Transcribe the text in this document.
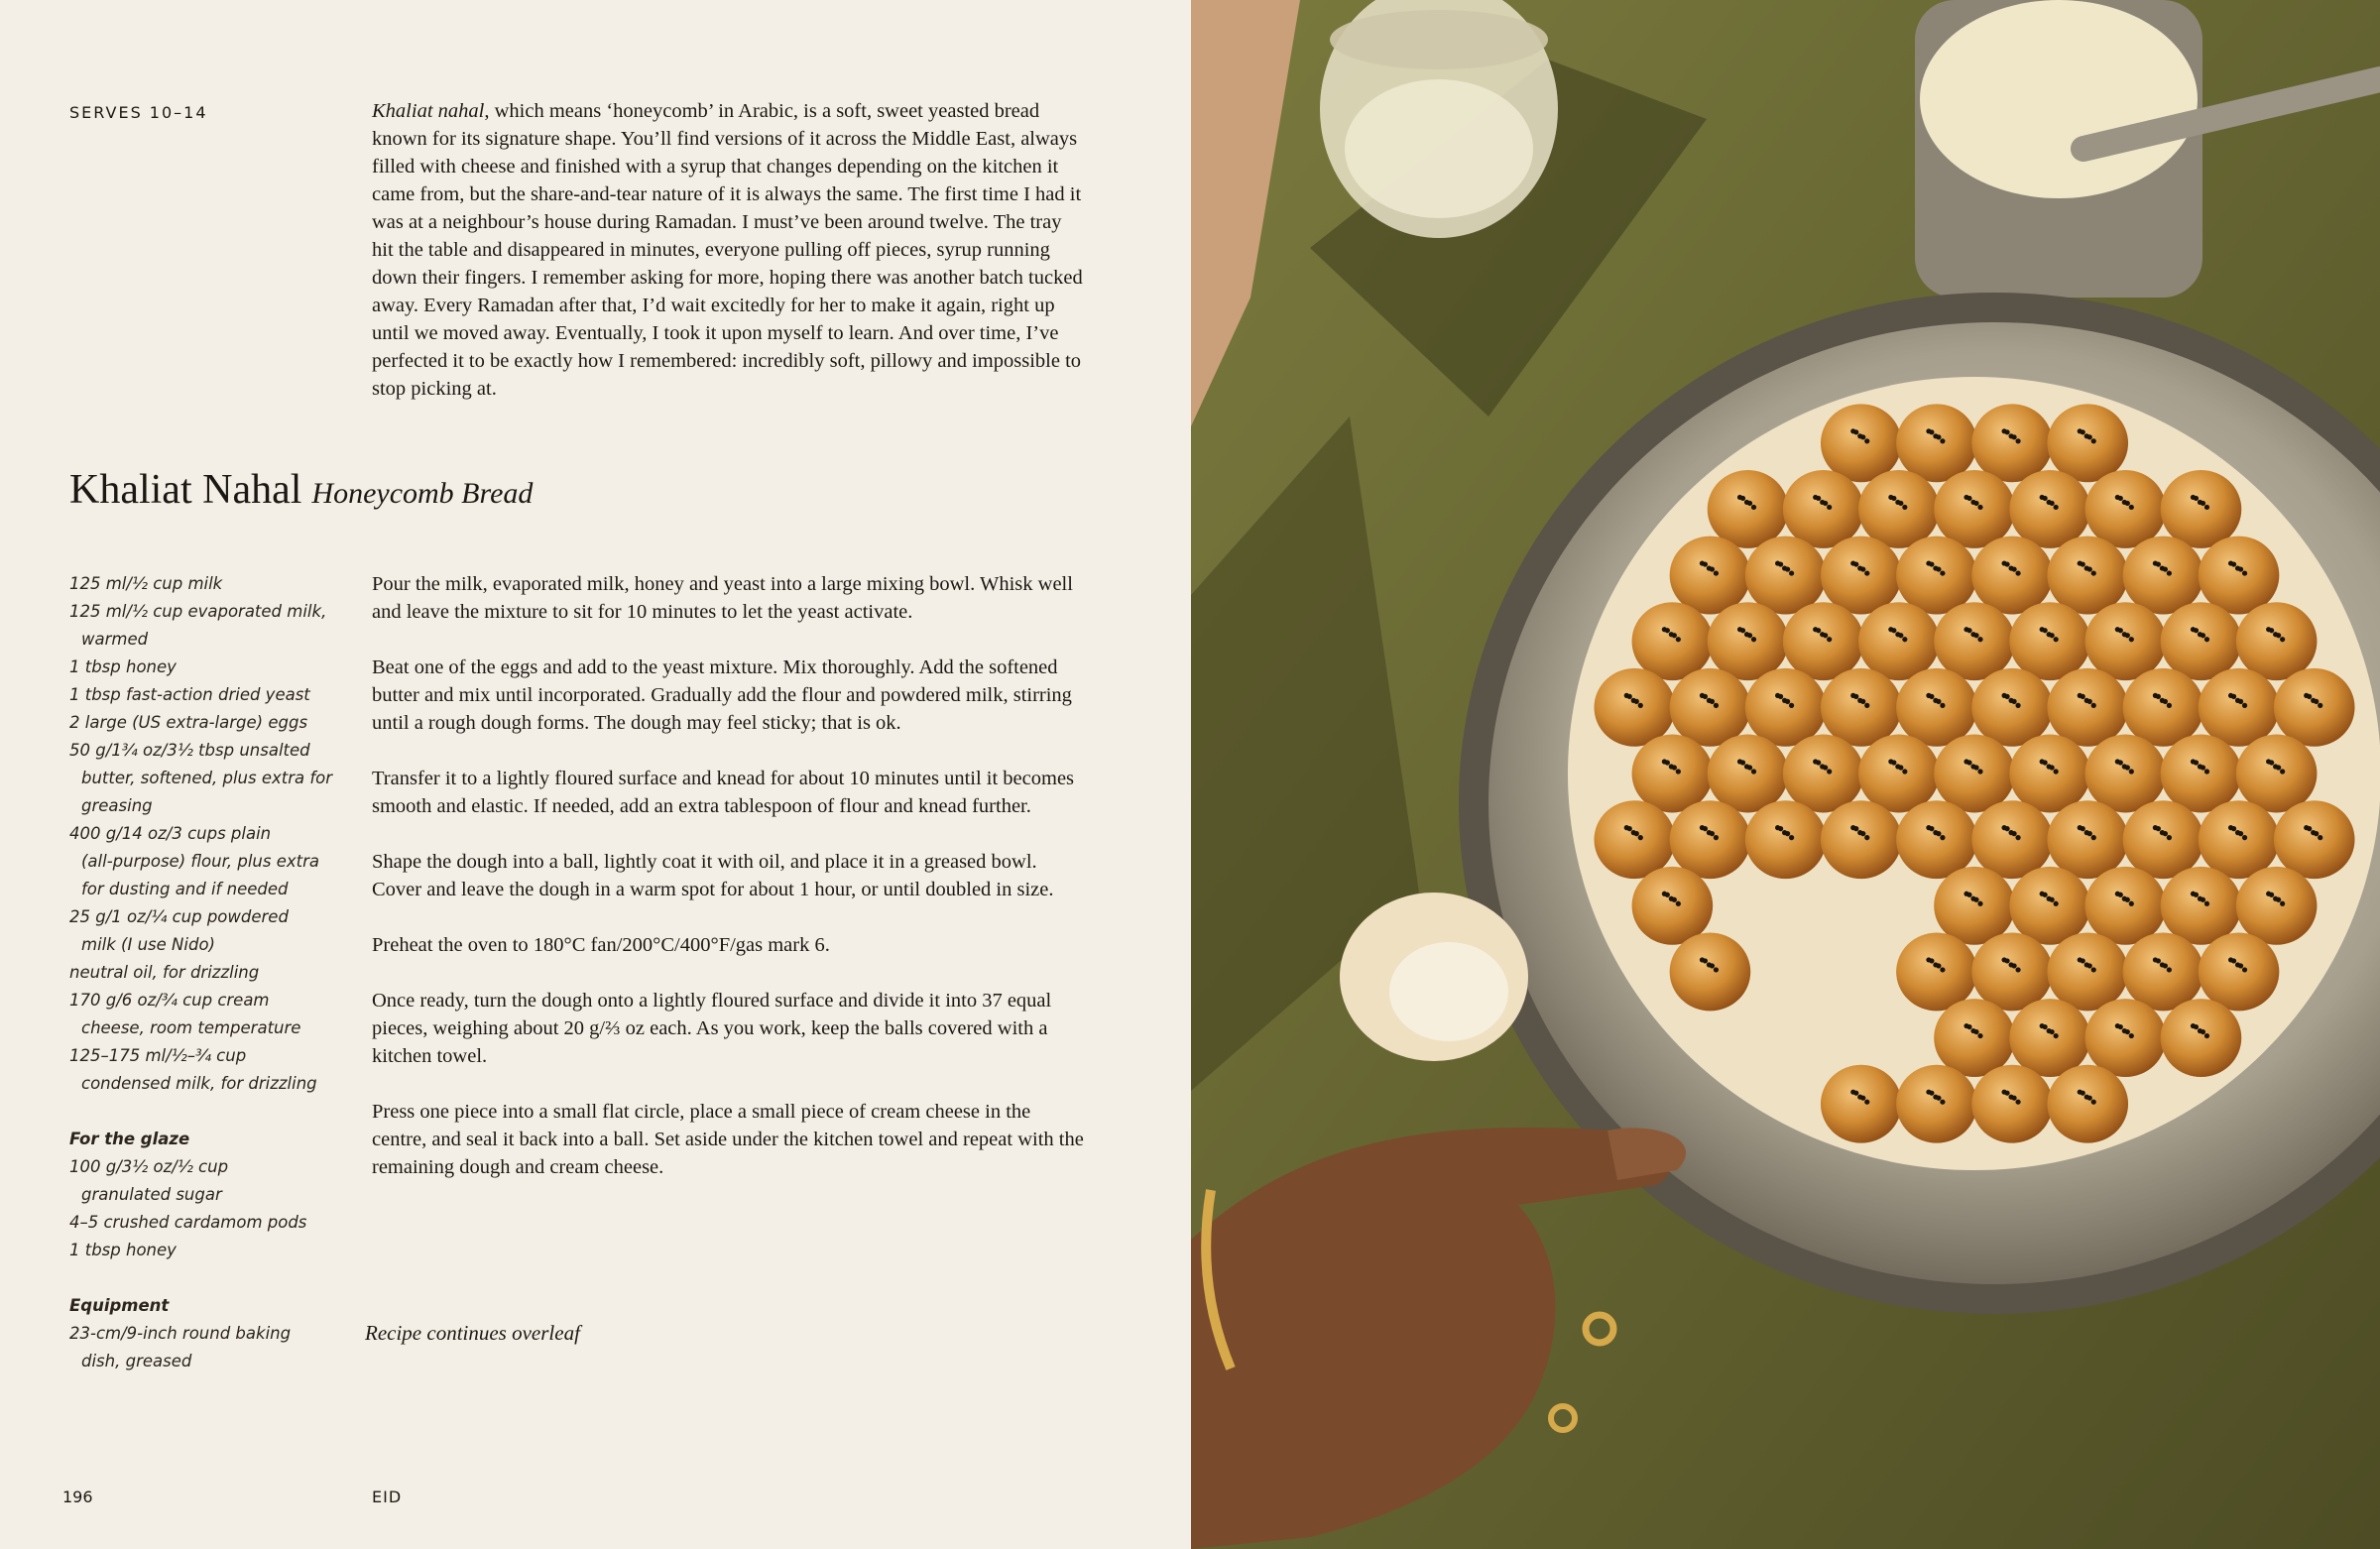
SERVES 10–14	Khaliat nahal, which means ‘honeycomb’ in Arabic, is a soft, sweet yeasted bread known for its signature shape. You’ll find versions of it across the Middle East, always filled with cheese and finished with a syrup that changes depending on the kitchen it came from, but the share-and-tear nature of it is always the same. The first time I had it was at a neighbour’s house during Ramadan. I must’ve been around twelve. The tray hit the table and disappeared in minutes, everyone pulling off pieces, syrup running down their fingers. I remember asking for more, hoping there was another batch tucked away. Every Ramadan after that, I’d wait excitedly for her to make it again, right up until we moved away. Eventually, I took it upon myself to learn. And over time, I’ve perfected it to be exactly how I remembered: incredibly soft, pillowy and impossible to stop picking at.

Khaliat Nahal Honeycomb Bread
125 ml/½ cup milk
125 ml/½ cup evaporated milk,
warmed
1 tbsp honey
1 tbsp fast-action dried yeast
2 large (US extra-large) eggs
50 g/1¾ oz/3½ tbsp unsalted
butter, softened, plus extra for
greasing
400 g/14 oz/3 cups plain
(all-purpose) flour, plus extra
for dusting and if needed
25 g/1 oz/¼ cup powdered
milk (I use Nido)
neutral oil, for drizzling
170 g/6 oz/¾ cup cream
cheese, room temperature
125–175 ml/½–¾ cup
condensed milk, for drizzling
For the glaze
100 g/3½ oz/½ cup
granulated sugar
4–5 crushed cardamom pods
1 tbsp honey
Equipment
23-cm/9-inch round baking
dish, greased

Pour the milk, evaporated milk, honey and yeast into a large mixing bowl. Whisk well and leave the mixture to sit for 10 minutes to let the yeast activate.

Beat one of the eggs and add to the yeast mixture. Mix thoroughly. Add the softened butter and mix until incorporated. Gradually add the flour and powdered milk, stirring until a rough dough forms. The dough may feel sticky; that is ok.

Transfer it to a lightly floured surface and knead for about 10 minutes until it becomes smooth and elastic. If needed, add an extra tablespoon of flour and knead further.

Shape the dough into a ball, lightly coat it with oil, and place it in a greased bowl. Cover and leave the dough in a warm spot for about 1 hour, or until doubled in size.

Preheat the oven to 180°C fan/200°C/400°F/gas mark 6.

Once ready, turn the dough onto a lightly floured surface and divide it into 37 equal pieces, weighing about 20 g/⅔ oz each. As you work, keep the balls covered with a kitchen towel.

Press one piece into a small flat circle, place a small piece of cream cheese in the centre, and seal it back into a ball. Set aside under the kitchen towel and repeat with the remaining dough and cream cheese.

Recipe continues overleaf
196	EID
